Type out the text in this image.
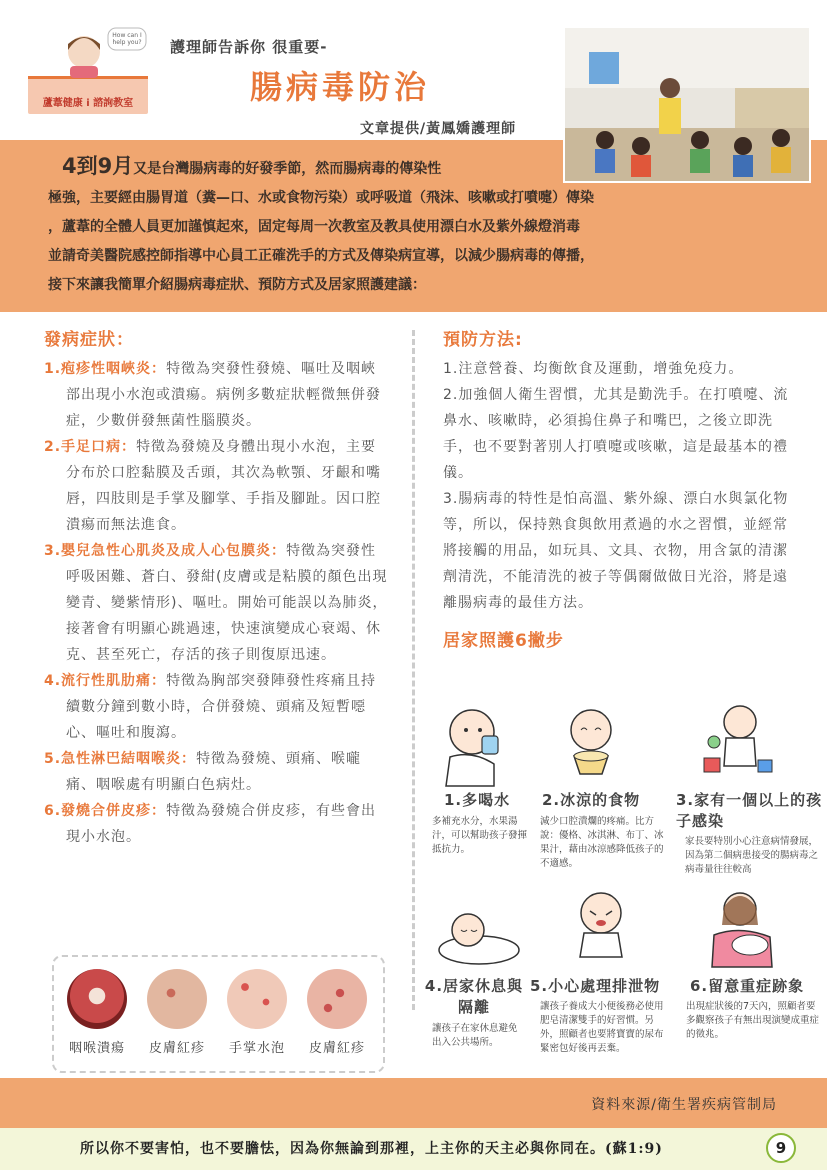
How can I help you?
蘆葦健康 i 諮詢教室
護理師告訴你 很重要-
腸病毒防治
文章提供/黃鳳嬌護理師
4到9月又是台灣腸病毒的好發季節，然而腸病毒的傳染性
極強，主要經由腸胃道（糞—口、水或食物污染）或呼吸道（飛沫、咳嗽或打噴嚏）傳染
，蘆葦的全體人員更加謹慎起來，固定每周一次教室及教具使用漂白水及紫外線燈消毒
並請奇美醫院感控師指導中心員工正確洗手的方式及傳染病宣導，以減少腸病毒的傳播，
接下來讓我簡單介紹腸病毒症狀、預防方式及居家照護建議：
發病症狀：

1.疱疹性咽峽炎：特徵為突發性發燒、嘔吐及咽峽部出現小水泡或潰瘍。病例多數症狀輕微無併發症，少數併發無菌性腦膜炎。

2.手足口病：特徵為發燒及身體出現小水泡，主要分布於口腔黏膜及舌頭，其次為軟顎、牙齦和嘴唇，四肢則是手掌及腳掌、手指及腳趾。因口腔潰瘍而無法進食。

3.嬰兒急性心肌炎及成人心包膜炎：特徵為突發性呼吸困難、蒼白、發紺(皮膚或是粘膜的顏色出現變青、變紫情形)、嘔吐。開始可能誤以為肺炎，接著會有明顯心跳過速，快速演變成心衰竭、休克、甚至死亡，存活的孩子則復原迅速。

4.流行性肌肋痛：特徵為胸部突發陣發性疼痛且持續數分鐘到數小時，合併發燒、頭痛及短暫噁心、嘔吐和腹瀉。

5.急性淋巴結咽喉炎：特徵為發燒、頭痛、喉嚨痛、咽喉處有明顯白色病灶。

6.發燒合併皮疹：特徵為發燒合併皮疹，有些會出現小水泡。

咽喉潰瘍	皮膚紅疹	手掌水泡	皮膚紅疹
預防方法:

1.注意營養、均衡飲食及運動，增強免疫力。

2.加強個人衛生習慣，尤其是勤洗手。在打噴嚏、流鼻水、咳嗽時，必須摀住鼻子和嘴巴，之後立即洗手，也不要對著別人打噴嚏或咳嗽，這是最基本的禮儀。

3.腸病毒的特性是怕高溫、紫外線、漂白水與氯化物等，所以，保持熟食與飲用煮過的水之習慣，並經常將接觸的用品，如玩具、文具、衣物，用含氯的清潔劑清洗，不能清洗的被子等偶爾做做日光浴，將是遠離腸病毒的最佳方法。

居家照護6撇步
1.多喝水
多補充水分，水果湯汁，可以幫助孩子發揮抵抗力。
2.冰涼的食物
減少口腔潰爛的疼痛。比方說：優格、冰淇淋、布丁、冰果汁，藉由冰涼感降低孩子的不適感。
3.家有一個以上的孩子感染
家長要特別小心注意病情發展，因為第二個病患接受的腸病毒之病毒量往往較高
4.居家休息與隔離
讓孩子在家休息避免出入公共場所。
5.小心處理排泄物
讓孩子養成大小便後務必使用肥皂清潔雙手的好習慣。另外，照顧者也要將寶寶的尿布緊密包好後再丟棄。
6.留意重症跡象
出現症狀後的7天內，照顧者要多觀察孩子有無出現演變成重症的徵兆。
資料來源/衛生署疾病管制局
所以你不要害怕，也不要膽怯，因為你無論到那裡，上主你的天主必與你同在。(蘇1:9)	9
